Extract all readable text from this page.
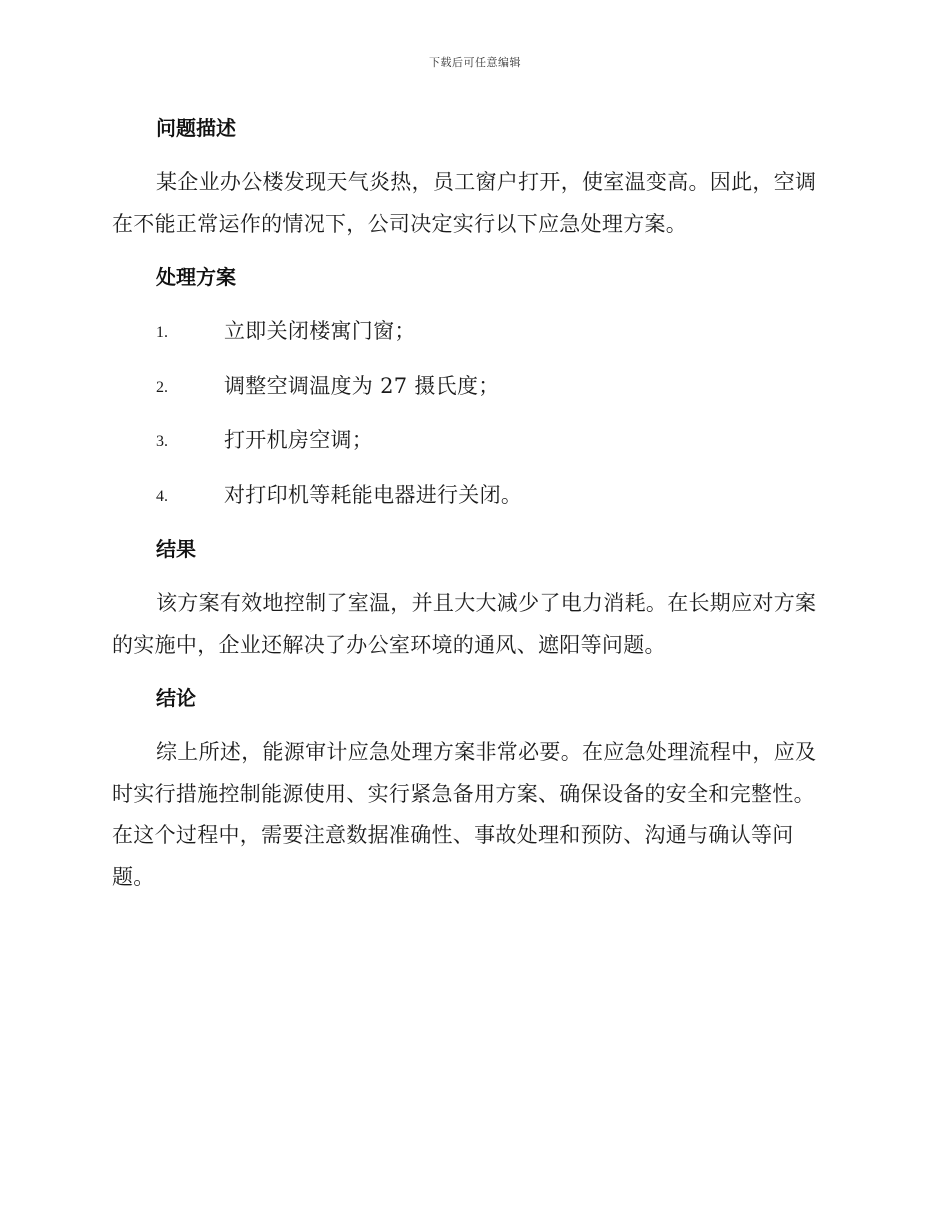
下载后可任意编辑
问题描述

某企业办公楼发现天气炎热，员工窗户打开，使室温变高。因此，空调在不能正常运作的情况下，公司决定实行以下应急处理方案。

处理方案
1.	立即关闭楼寓门窗；
2.	调整空调温度为 27 摄氏度；
3.	打开机房空调；
4.	对打印机等耗能电器进行关闭。
结果

该方案有效地控制了室温，并且大大减少了电力消耗。在长期应对方案的实施中，企业还解决了办公室环境的通风、遮阳等问题。

结论

综上所述，能源审计应急处理方案非常必要。在应急处理流程中，应及时实行措施控制能源使用、实行紧急备用方案、确保设备的安全和完整性。在这个过程中，需要注意数据准确性、事故处理和预防、沟通与确认等问题。
